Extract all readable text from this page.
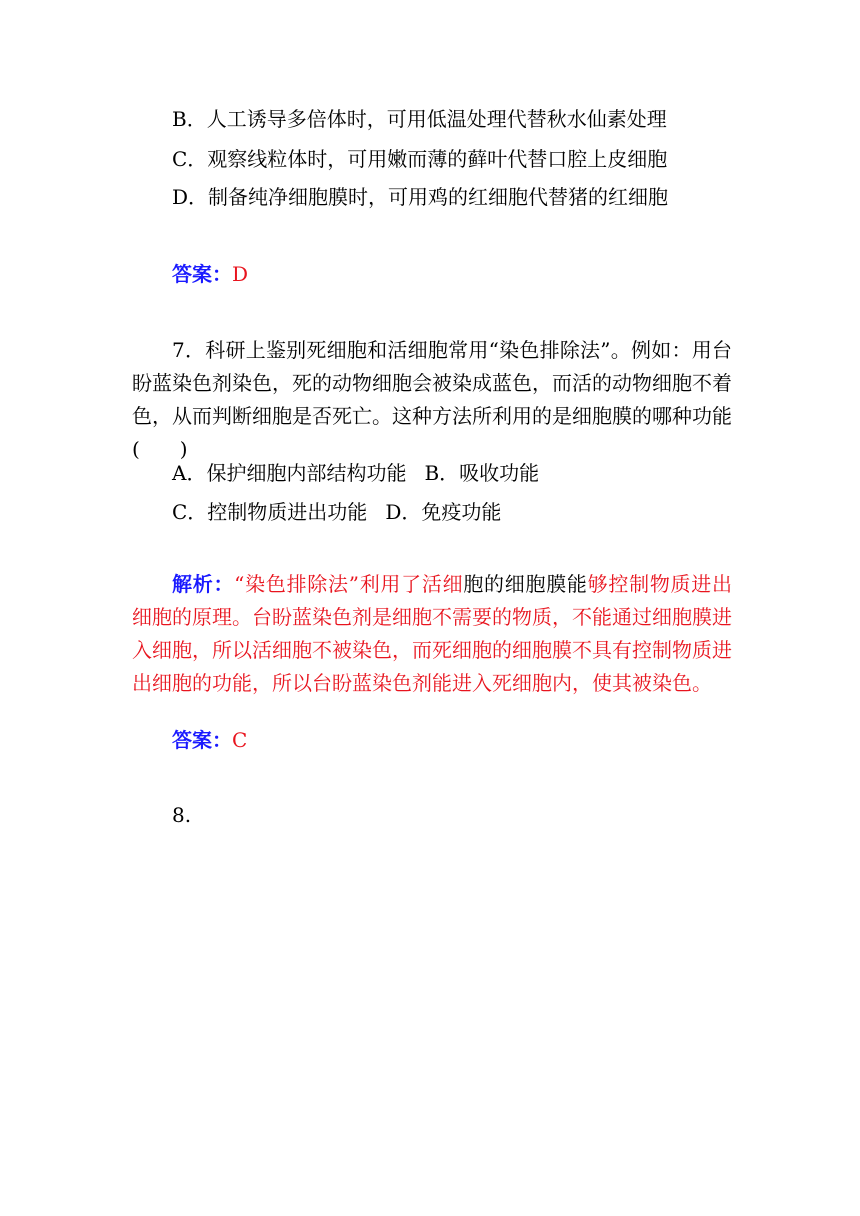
B．人工诱导多倍体时，可用低温处理代替秋水仙素处理
C．观察线粒体时，可用嫩而薄的藓叶代替口腔上皮细胞
D．制备纯净细胞膜时，可用鸡的红细胞代替猪的红细胞
答案：D
7．科研上鉴别死细胞和活细胞常用“染色排除法”。例如：用台盼蓝染色剂染色，死的动物细胞会被染成蓝色，而活的动物细胞不着色，从而判断细胞是否死亡。这种方法所利用的是细胞膜的哪种功能(　　)
A．保护细胞内部结构功能 B．吸收功能
C．控制物质进出功能 D．免疫功能
解析：“染色排除法”利用了活细胞的细胞膜能够控制物质进出细胞的原理。台盼蓝染色剂是细胞不需要的物质，不能通过细胞膜进入细胞，所以活细胞不被染色，而死细胞的细胞膜不具有控制物质进出细胞的功能，所以台盼蓝染色剂能进入死细胞内，使其被染色。
答案：C
8.
